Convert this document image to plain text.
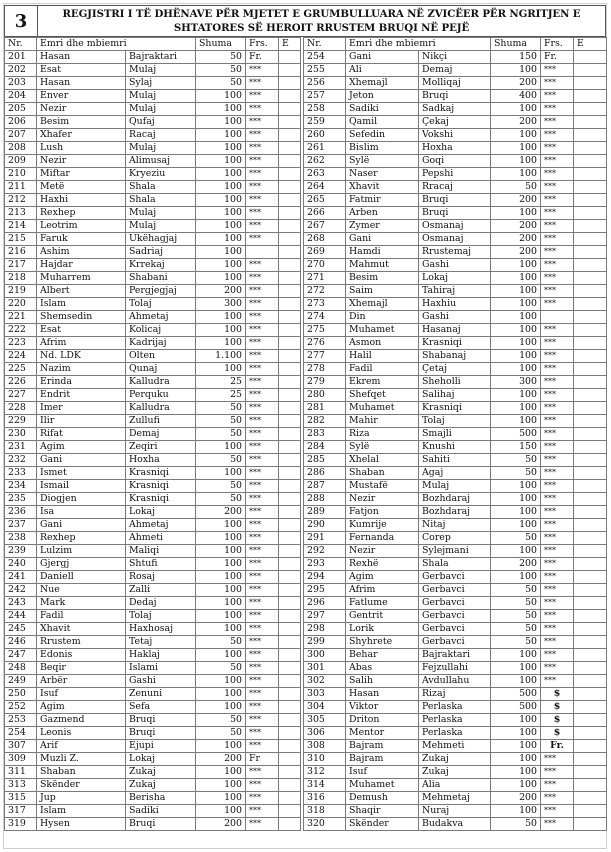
3	REGJISTRI I TË DHËNAVE PËR MJETET E GRUMBULLUARA NË ZVICËER PËR NGRITJEN E
SHTATORES SË HEROIT RRUSTEM BRUQI NË PEJË
Nr.	Emri dhe mbiemri		Shuma	Frs.	E
201	Hasan	Bajraktari	50	Fr.	
202	Esat	Mulaj	50	***	
203	Hasan	Sylaj	50	***	
204	Enver	Mulaj	100	***	
205	Nezir	Mulaj	100	***	
206	Besim	Qufaj	100	***	
207	Xhafer	Racaj	100	***	
208	Lush	Mulaj	100	***	
209	Nezir	Alimusaj	100	***	
210	Miftar	Kryeziu	100	***	
211	Metë	Shala	100	***	
212	Haxhi	Shala	100	***	
213	Rexhep	Mulaj	100	***	
214	Leotrim	Mulaj	100	***	
215	Faruk	Ukëhagjaj	100	***	
216	Ashim	Sadriaj	100		
217	Hajdar	Krrekaj	100	***	
218	Muharrem	Shabani	100	***	
219	Albert	Pergjegjaj	200	***	
220	Islam	Tolaj	300	***	
221	Shemsedin	Ahmetaj	100	***	
222	Esat	Kolicaj	100	***	
223	Afrim	Kadrijaj	100	***	
224	Nd. LDK	Olten	1.100	***	
225	Nazim	Qunaj	100	***	
226	Erinda	Kalludra	25	***	
227	Endrit	Perquku	25	***	
228	Imer	Kalludra	50	***	
229	Ilir	Zullufi	50	***	
230	Rifat	Demaj	50	***	
231	Agim	Zeqiri	100	***	
232	Gani	Hoxha	50	***	
233	Ismet	Krasniqi	100	***	
234	Ismail	Krasniqi	50	***	
235	Diogjen	Krasniqi	50	***	
236	Isa	Lokaj	200	***	
237	Gani	Ahmetaj	100	***	
238	Rexhep	Ahmeti	100	***	
239	Lulzim	Maliqi	100	***	
240	Gjergj	Shtufi	100	***	
241	Daniell	Rosaj	100	***	
242	Nue	Zalli	100	***	
243	Mark	Dedaj	100	***	
244	Fadil	Tolaj	100	***	
245	Xhavit	Haxhosaj	100	***	
246	Rrustem	Tetaj	50	***	
247	Edonis	Haklaj	100	***	
248	Beqir	Islami	50	***	
249	Arbër	Gashi	100	***	
250	Isuf	Zenuni	100	***	
252	Agim	Sefa	100	***	
253	Gazmend	Bruqi	50	***	
254	Leonis	Bruqi	50	***	
307	Arif	Ejupi	100	***	
309	Muzli Z.	Lokaj	200	Fr	
311	Shaban	Zukaj	100	***	
313	Skënder	Zukaj	100	***	
315	Jup	Berisha	100	***	
317	Islam	Sadiki	100	***	
319	Hysen	Bruqi	200	***	
Nr.	Emri dhe mbiemri		Shuma	Frs.	E
254	Gani	Nikçi	150	Fr.	
255	Ali	Demaj	100	***	
256	Xhemajl	Molliqaj	200	***	
257	Jeton	Bruqi	400	***	
258	Sadiki	Sadkaj	100	***	
259	Qamil	Çekaj	200	***	
260	Sefedin	Vokshi	100	***	
261	Bislim	Hoxha	100	***	
262	Sylë	Goqi	100	***	
263	Naser	Pepshi	100	***	
264	Xhavit	Rracaj	50	***	
265	Fatmir	Bruqi	200	***	
266	Arben	Bruqi	100	***	
267	Zymer	Osmanaj	200	***	
268	Gani	Osmanaj	200	***	
269	Hamdi	Rrustemaj	200	***	
270	Mahmut	Gashi	100	***	
271	Besim	Lokaj	100	***	
272	Saim	Tahiraj	100	***	
273	Xhemajl	Haxhiu	100	***	
274	Din	Gashi	100		
275	Muhamet	Hasanaj	100	***	
276	Asmon	Krasniqi	100	***	
277	Halil	Shabanaj	100	***	
278	Fadil	Çetaj	100	***	
279	Ekrem	Sheholli	300	***	
280	Shefqet	Salihaj	100	***	
281	Muhamet	Krasniqi	100	***	
282	Mahir	Tolaj	100	***	
283	Riza	Smajli	500	***	
284	Sylë	Knushi	150	***	
285	Xhelal	Sahiti	50	***	
286	Shaban	Agaj	50	***	
287	Mustafë	Mulaj	100	***	
288	Nezir	Bozhdaraj	100	***	
289	Fatjon	Bozhdaraj	100	***	
290	Kumrije	Nitaj	100	***	
291	Fernanda	Corep	50	***	
292	Nezir	Sylejmani	100	***	
293	Rexhë	Shala	200	***	
294	Agim	Gerbavci	100	***	
295	Afrim	Gerbavci	50	***	
296	Fatlume	Gerbavci	50	***	
297	Gentrit	Gerbavci	50	***	
298	Lorik	Gerbavci	50	***	
299	Shyhrete	Gerbavci	50	***	
300	Behar	Bajraktari	100	***	
301	Abas	Fejzullahi	100	***	
302	Salih	Avdullahu	100	***	
303	Hasan	Rizaj	500	$	
304	Viktor	Perlaska	500	$	
305	Driton	Perlaska	100	$	
306	Mentor	Perlaska	100	$	
308	Bajram	Mehmeti	100	Fr.	
310	Bajram	Zukaj	100	***	
312	Isuf	Zukaj	100	***	
314	Muhamet	Alia	100	***	
316	Demush	Mehmetaj	200	***	
318	Shaqir	Nuraj	100	***	
320	Skënder	Budakva	50	***	
